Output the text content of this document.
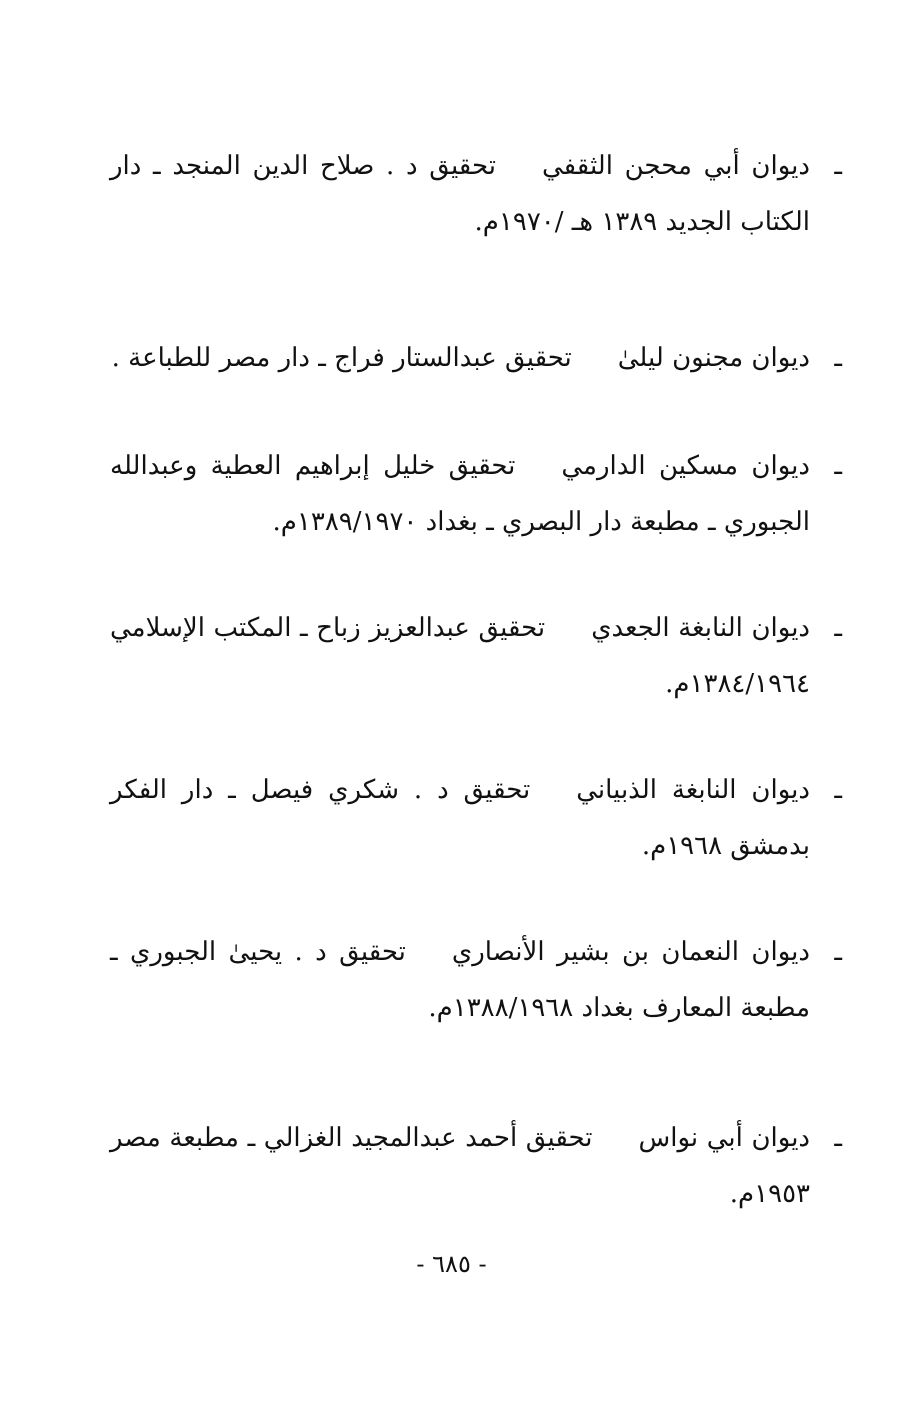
ـ
ديوان أبي محجن الثقفيتحقيق د . صلاح الدين المنجد ـ دار الكتاب الجديد ١٣٨٩ هـ /١٩٧٠م.
ـ
ديوان مجنون ليلىٰتحقيق عبدالستار فراج ـ دار مصر للطباعة .
ـ
ديوان مسكين الدارميتحقيق خليل إبراهيم العطية وعبدالله الجبوري ـ مطبعة دار البصري ـ بغداد ١٣٨٩/١٩٧٠م.
ـ
ديوان النابغة الجعديتحقيق عبدالعزيز زباح ـ المكتب الإسلامي ١٣٨٤/١٩٦٤م.
ـ
ديوان النابغة الذبيانيتحقيق د . شكري فيصل ـ دار الفكر بدمشق ١٩٦٨م.
ـ
ديوان النعمان بن بشير الأنصاريتحقيق د . يحيىٰ الجبوري ـ مطبعة المعارف بغداد ١٣٨٨/١٩٦٨م.
ـ
ديوان أبي نواستحقيق أحمد عبدالمجيد الغزالي ـ مطبعة مصر ١٩٥٣م.
- ٦٨٥ -
